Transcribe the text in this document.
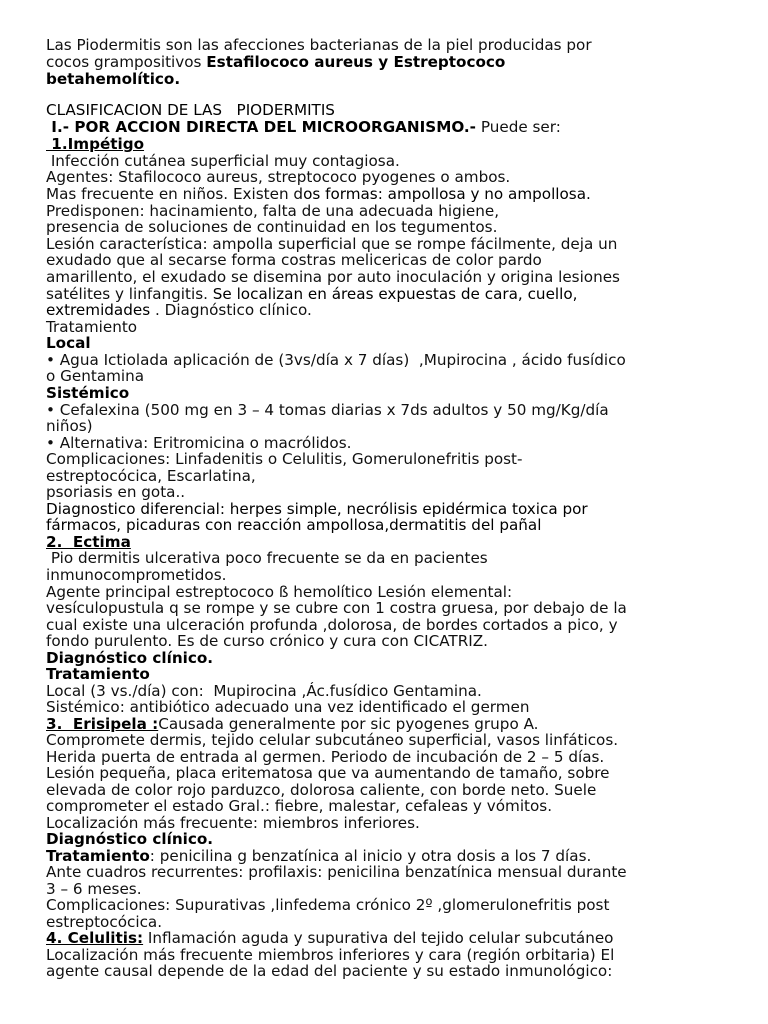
Las Piodermitis son las afecciones bacterianas de la piel producidas por
cocos grampositivos Estafilococo aureus y Estreptococo
betahemolítico.
CLASIFICACION DE LAS   PIODERMITIS
I.- POR ACCION DIRECTA DEL MICROORGANISMO.- Puede ser:
1.Impétigo
Infección cutánea superficial muy contagiosa.
Agentes: Stafilococo aureus, streptococo pyogenes o ambos.
Mas frecuente en niños. Existen dos formas: ampollosa y no ampollosa.
Predisponen: hacinamiento, falta de una adecuada higiene,
presencia de soluciones de continuidad en los tegumentos.
Lesión característica: ampolla superficial que se rompe fácilmente, deja un
exudado que al secarse forma costras melicericas de color pardo
amarillento, el exudado se disemina por auto inoculación y origina lesiones
satélites y linfangitis. Se localizan en áreas expuestas de cara, cuello,
extremidades . Diagnóstico clínico.
Tratamiento
Local
• Agua Ictiolada aplicación de (3vs/día x 7 días)  ,Mupirocina , ácido fusídico
o Gentamina
Sistémico
• Cefalexina (500 mg en 3 – 4 tomas diarias x 7ds adultos y 50 mg/Kg/día
niños)
• Alternativa: Eritromicina o macrólidos.
Complicaciones: Linfadenitis o Celulitis, Gomerulonefritis post-
estreptocócica, Escarlatina,
psoriasis en gota..
Diagnostico diferencial: herpes simple, necrólisis epidérmica toxica por
fármacos, picaduras con reacción ampollosa,dermatitis del pañal
2.  Ectima
Pio dermitis ulcerativa poco frecuente se da en pacientes
inmunocomprometidos.
Agente principal estreptococo ß hemolítico Lesión elemental:
vesículopustula q se rompe y se cubre con 1 costra gruesa, por debajo de la
cual existe una ulceración profunda ,dolorosa, de bordes cortados a pico, y
fondo purulento. Es de curso crónico y cura con CICATRIZ.
Diagnóstico clínico.
Tratamiento
Local (3 vs./día) con:  Mupirocina ,Ác.fusídico Gentamina.
Sistémico: antibiótico adecuado una vez identificado el germen
3.  Erisipela :Causada generalmente por sic pyogenes grupo A.
Compromete dermis, tejido celular subcutáneo superficial, vasos linfáticos.
Herida puerta de entrada al germen. Periodo de incubación de 2 – 5 días.
Lesión pequeña, placa eritematosa que va aumentando de tamaño, sobre
elevada de color rojo parduzco, dolorosa caliente, con borde neto. Suele
comprometer el estado Gral.: fiebre, malestar, cefaleas y vómitos.
Localización más frecuente: miembros inferiores.
Diagnóstico clínico.
Tratamiento: penicilina g benzatínica al inicio y otra dosis a los 7 días.
Ante cuadros recurrentes: profilaxis: penicilina benzatínica mensual durante
3 – 6 meses.
Complicaciones: Supurativas ,linfedema crónico 2º ,glomerulonefritis post
estreptocócica.
4. Celulitis: Inflamación aguda y supurativa del tejido celular subcutáneo
Localización más frecuente miembros inferiores y cara (región orbitaria) El
agente causal depende de la edad del paciente y su estado inmunológico:
